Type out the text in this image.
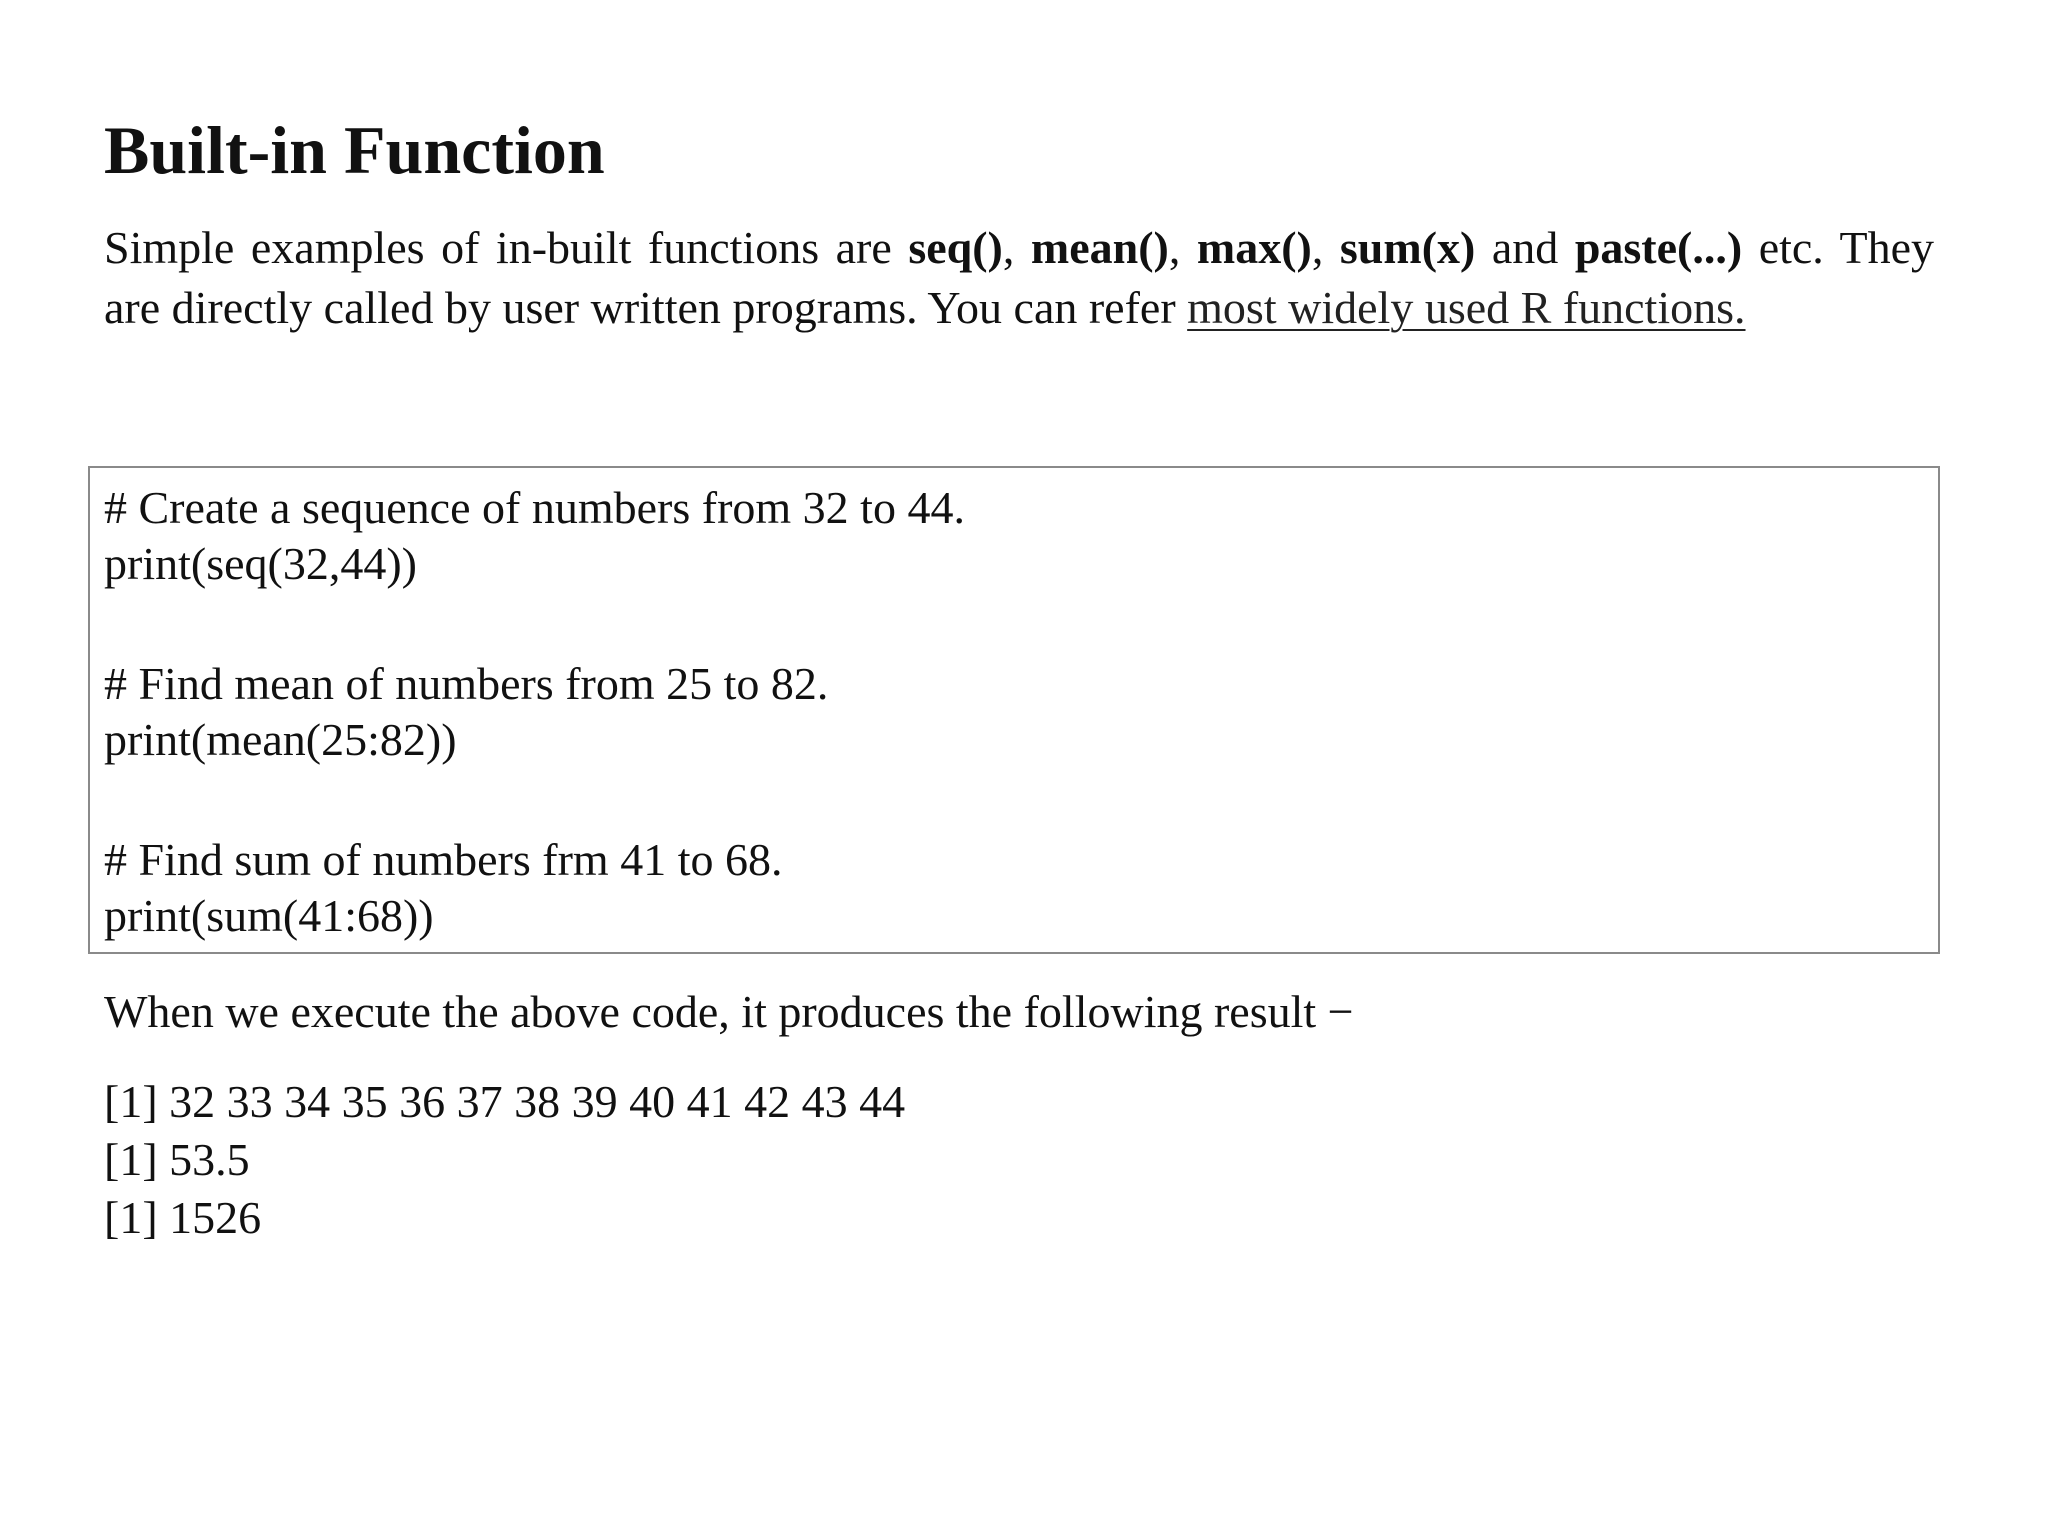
Built-in Function

Simple examples of in-built functions are seq(), mean(), max(), sum(x) and paste(...) etc. They
are directly called by user written programs. You can refer most widely used R functions.

# Create a sequence of numbers from 32 to 44.

print(seq(32,44))

# Find mean of numbers from 25 to 82.

print(mean(25:82))

# Find sum of numbers frm 41 to 68.

print(sum(41:68))

When we execute the above code, it produces the following result −

[1] 32 33 34 35 36 37 38 39 40 41 42 43 44

[1] 53.5

[1] 1526
